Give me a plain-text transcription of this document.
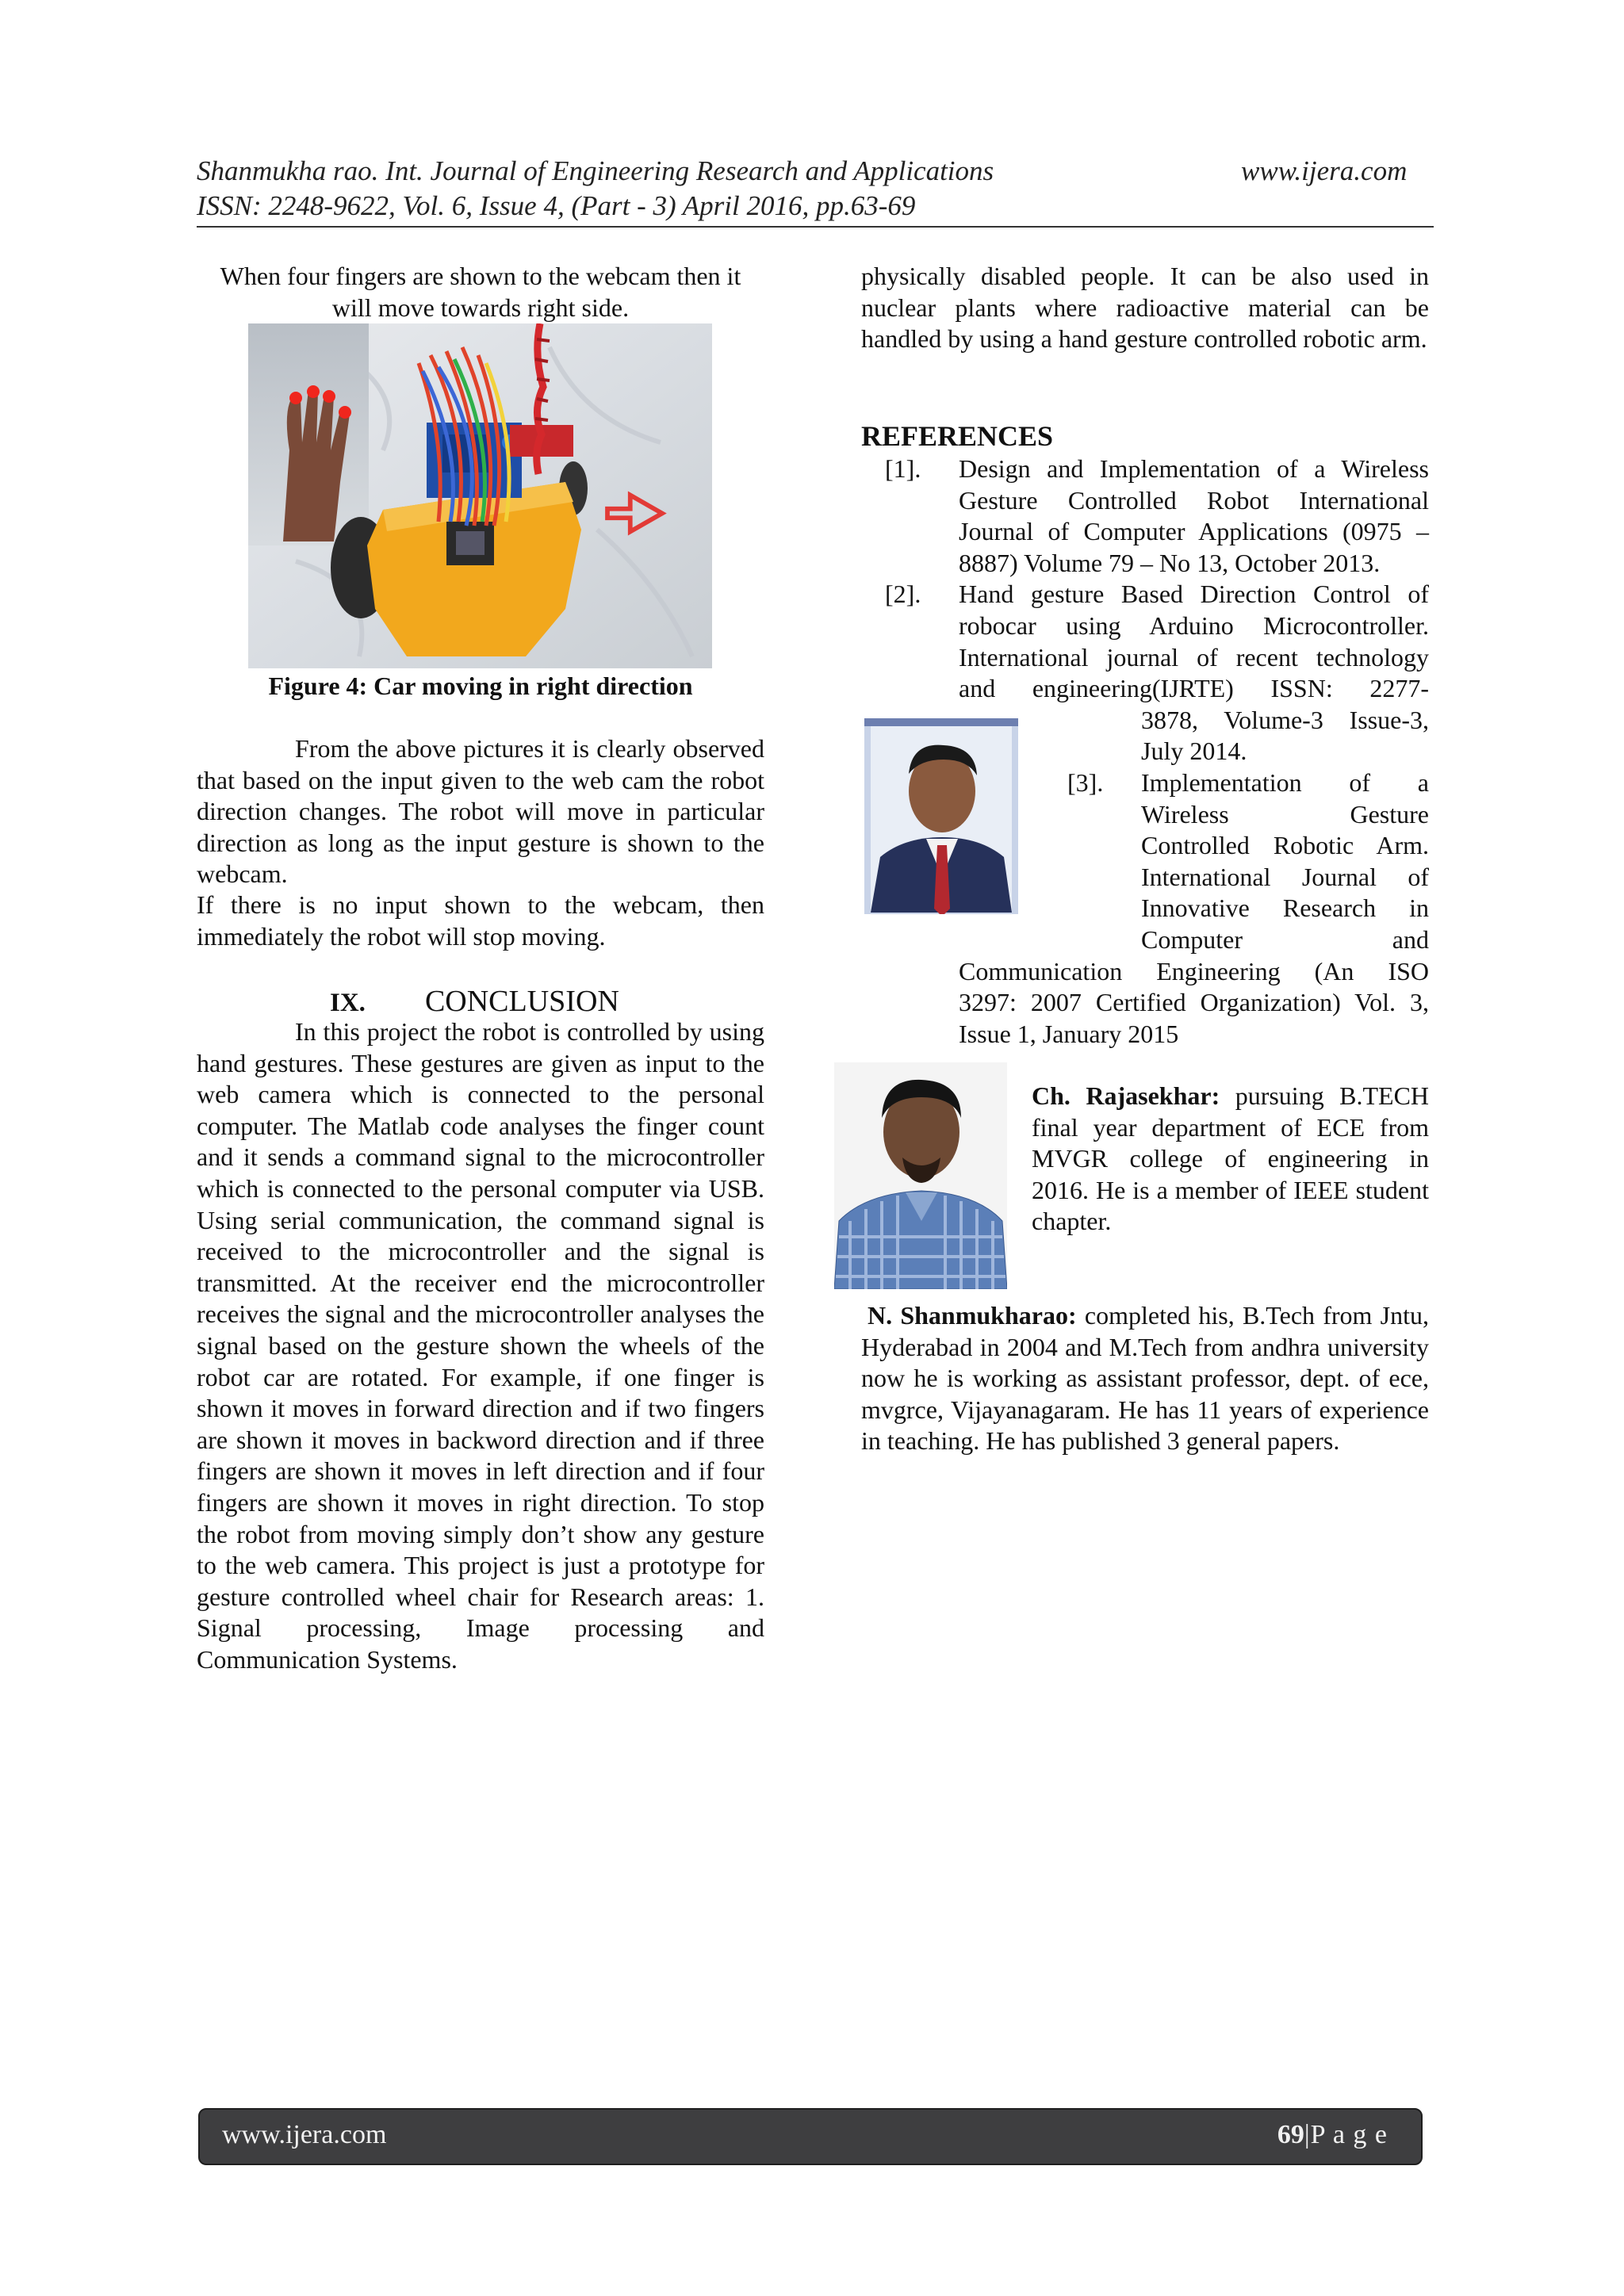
Shanmukha rao. Int. Journal of Engineering Research and Applications	www.ijera.com
ISSN: 2248-9622, Vol. 6, Issue 4, (Part - 3) April 2016, pp.63-69
When four fingers are shown to the webcam then it
will move towards right side.
Figure 4: Car moving in right direction
From the above pictures it is clearly observed that based on the input given to the web cam the robot direction changes. The robot will move in particular direction as long as the input gesture is shown to the webcam.
If there is no input shown to the webcam, then immediately the robot will stop moving.
IX. CONCLUSION
In this project the robot is controlled by using hand gestures. These gestures are given as input to the web camera which is connected to the personal computer. The Matlab code analyses the finger count and it sends a command signal to the microcontroller which is connected to the personal computer via USB. Using serial communication, the command signal is received to the microcontroller and the signal is transmitted. At the receiver end the microcontroller receives the signal and the microcontroller analyses the signal based on the gesture shown the wheels of the robot car are rotated. For example, if one finger is shown it moves in forward direction and if two fingers are shown it moves in backword direction and if three fingers are shown it moves in left direction and if four fingers are shown it moves in right direction. To stop the robot from moving simply don’t show any gesture to the web camera. This project is just a prototype for gesture controlled wheel chair for Research areas: 1. Signal processing, Image processing and Communication Systems.
physically disabled people. It can be also used in nuclear plants where radioactive material can be handled by using a hand gesture controlled robotic arm.
REFERENCES
[1]. Design and Implementation of a Wireless
Gesture Controlled Robot International
Journal of Computer Applications (0975 –
8887) Volume 79 – No 13, October 2013.
[2]. Hand gesture Based Direction Control of
robocar using Arduino Microcontroller.
International journal of recent technology
and engineering(IJRTE) ISSN: 2277-
3878, Volume-3 Issue-3,
July 2014.
[3]. Implementation of a
Wireless Gesture
Controlled Robotic Arm.
International Journal of
Innovative Research in
Computer and
Communication Engineering (An ISO
3297: 2007 Certified Organization) Vol. 3,
Issue 1, January 2015
Ch. Rajasekhar: pursuing B.TECH final year department of ECE from MVGR college of engineering in 2016. He is a member of IEEE student chapter.
N. Shanmukharao: completed his, B.Tech from Jntu, Hyderabad in 2004 and M.Tech from andhra university now he is working as assistant professor, dept. of ece, mvgrce, Vijayanagaram. He has 11 years of experience in teaching. He has published 3 general papers.
www.ijera.com	69|P a g e
